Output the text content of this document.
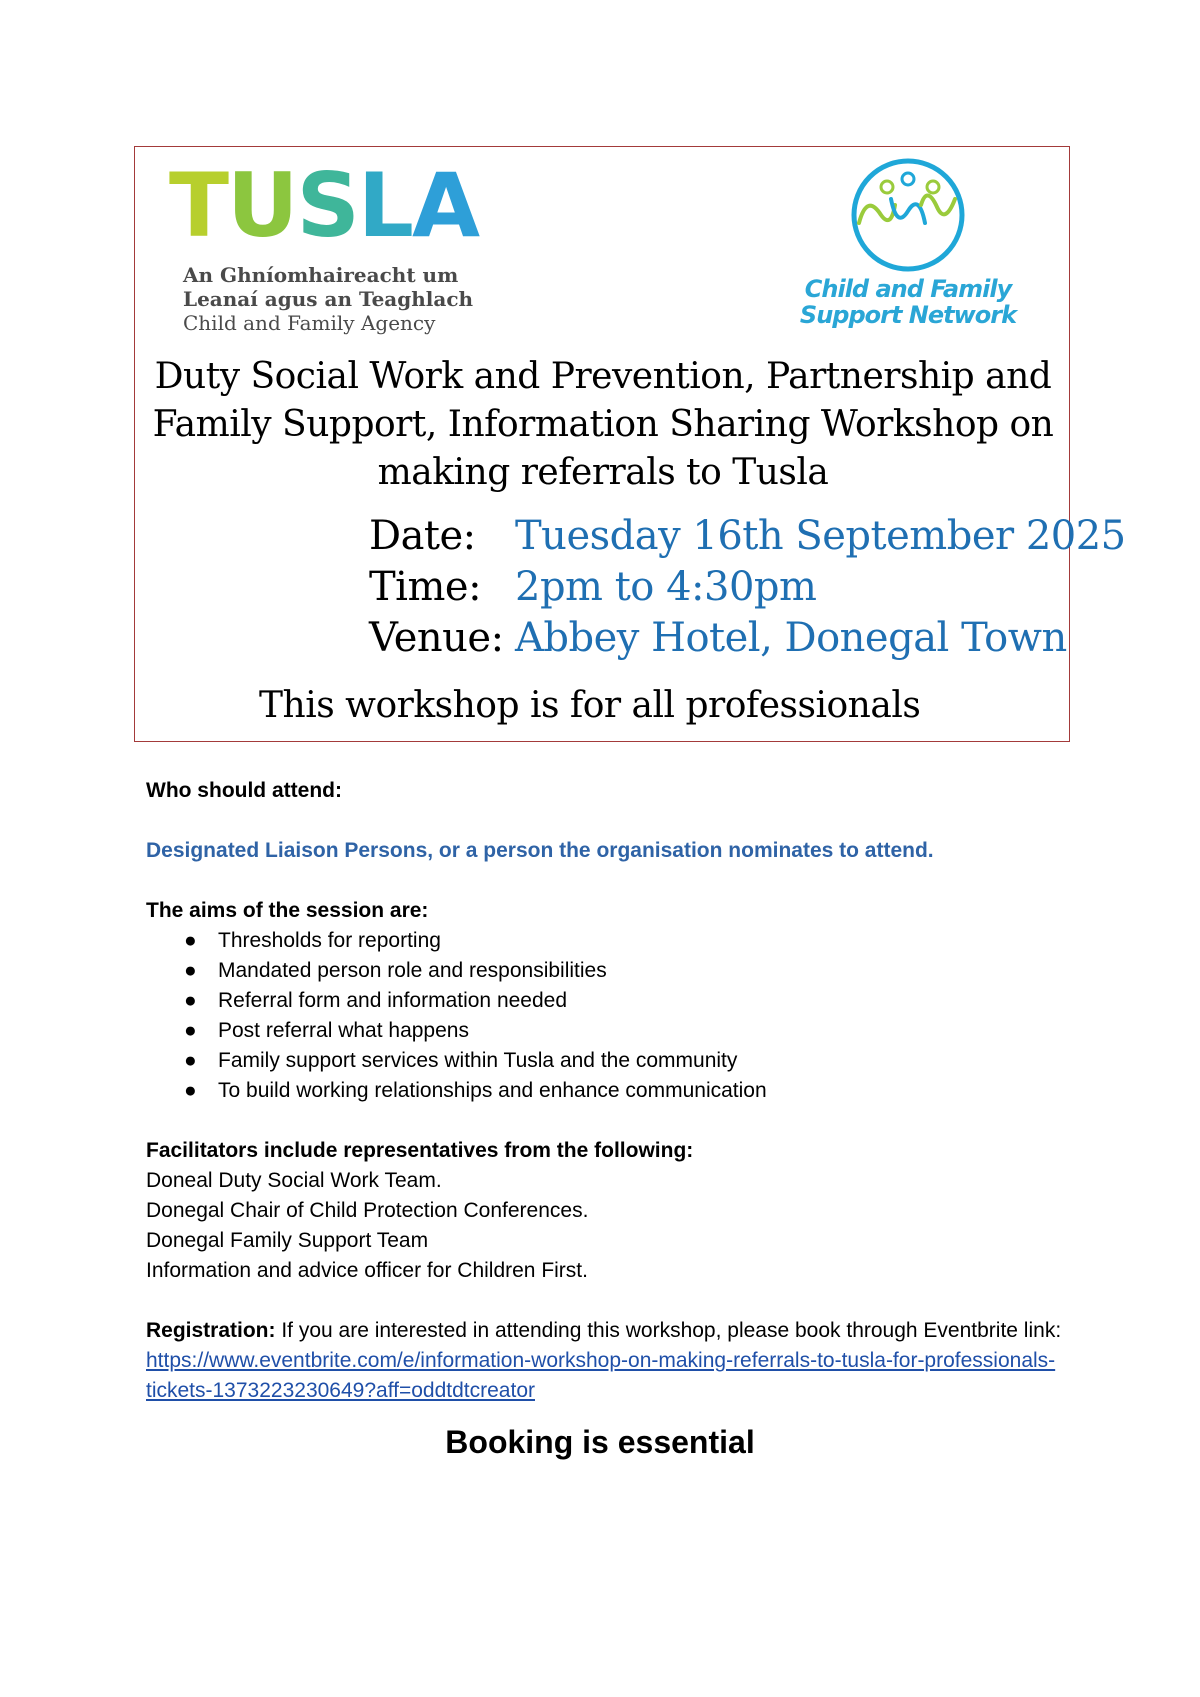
T U S L A
An Ghníomhaireacht um
Leanaí agus an Teaghlach
Child and Family Agency
Child and Family
Support Network
Duty Social Work and Prevention, Partnership and
Family Support, Information Sharing Workshop on
making referrals to Tusla
Date: Tuesday 16th September 2025
Time: 2pm to 4:30pm
Venue: Abbey Hotel, Donegal Town
This workshop is for all professionals
Who should attend:
Designated Liaison Persons, or a person the organisation nominates to attend.
The aims of the session are:
● Thresholds for reporting
● Mandated person role and responsibilities
● Referral form and information needed
● Post referral what happens
● Family support services within Tusla and the community
● To build working relationships and enhance communication
Facilitators include representatives from the following:
Doneal Duty Social Work Team.
Donegal Chair of Child Protection Conferences.
Donegal Family Support Team
Information and advice officer for Children First.
Registration: If you are interested in attending this workshop, please book through Eventbrite link: https://www.eventbrite.com/e/information-workshop-on-making-referrals-to-tusla-for-professionals-tickets-1373223230649?aff=oddtdtcreator
Booking is essential
